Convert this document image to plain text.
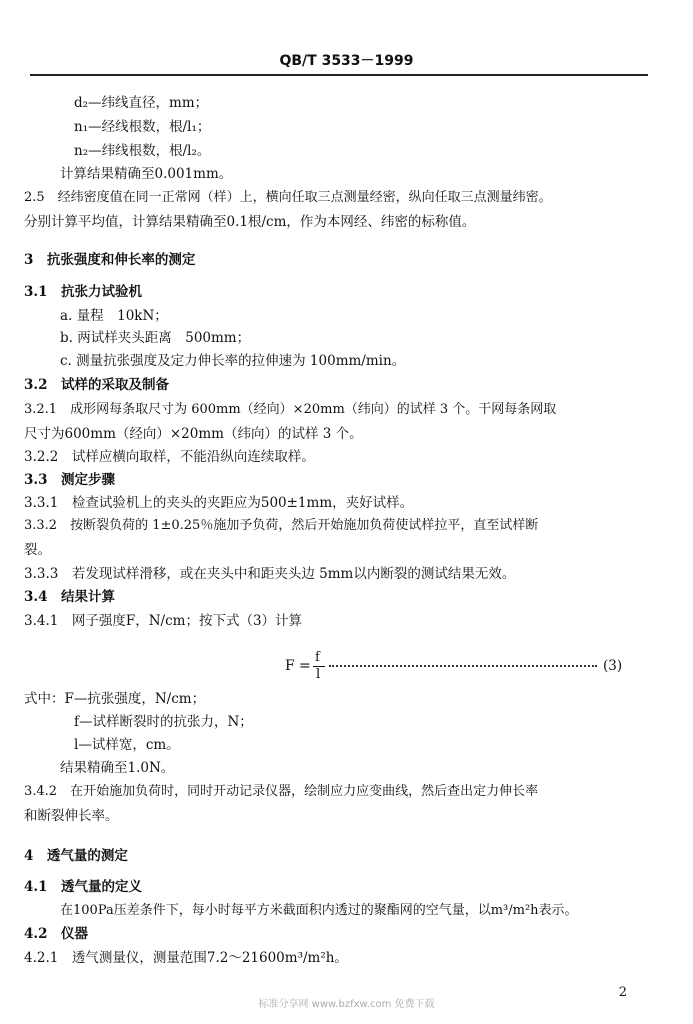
QB/T 3533－1999
d₂—纬线直径，mm；
n₁—经线根数，根/l₁；
n₂—纬线根数，根/l₂。
计算结果精确至0.001mm。
2.5　经纬密度值在同一正常网（样）上，横向任取三点测量经密，纵向任取三点测量纬密。
分别计算平均值，计算结果精确至0.1根/cm，作为本网经、纬密的标称值。
3　抗张强度和伸长率的测定
3.1　抗张力试验机
a. 量程　10kN；
b. 两试样夹头距离　500mm；
c. 测量抗张强度及定力伸长率的拉伸速为 100mm/min。
3.2　试样的采取及制备
3.2.1　成形网每条取尺寸为 600mm（经向）×20mm（纬向）的试样 3 个。干网每条网取
尺寸为600mm（经向）×20mm（纬向）的试样 3 个。
3.2.2　试样应横向取样，不能沿纵向连续取样。
3.3　测定步骤
3.3.1　检查试验机上的夹头的夹距应为500±1mm，夹好试样。
3.3.2　按断裂负荷的 1±0.25％施加予负荷，然后开始施加负荷使试样拉平，直至试样断
裂。
3.3.3　若发现试样滑移，或在夹头中和距夹头边 5mm以内断裂的测试结果无效。
3.4　结果计算
3.4.1　网子强度F，N/cm；按下式（3）计算
F =
f
l
(3)
式中：F—抗张强度，N/cm；
f—试样断裂时的抗张力，N；
l—试样宽，cm。
结果精确至1.0N。
3.4.2　在开始施加负荷时，同时开动记录仪器，绘制应力应变曲线，然后查出定力伸长率
和断裂伸长率。
4　透气量的测定
4.1　透气量的定义
在100Pa压差条件下，每小时每平方米截面积内透过的聚酯网的空气量，以m³/m²h表示。
4.2　仪器
4.2.1　透气测量仪，测量范围7.2～21600m³/m²h。
2
标准分享网 www.bzfxw.com 免费下载
